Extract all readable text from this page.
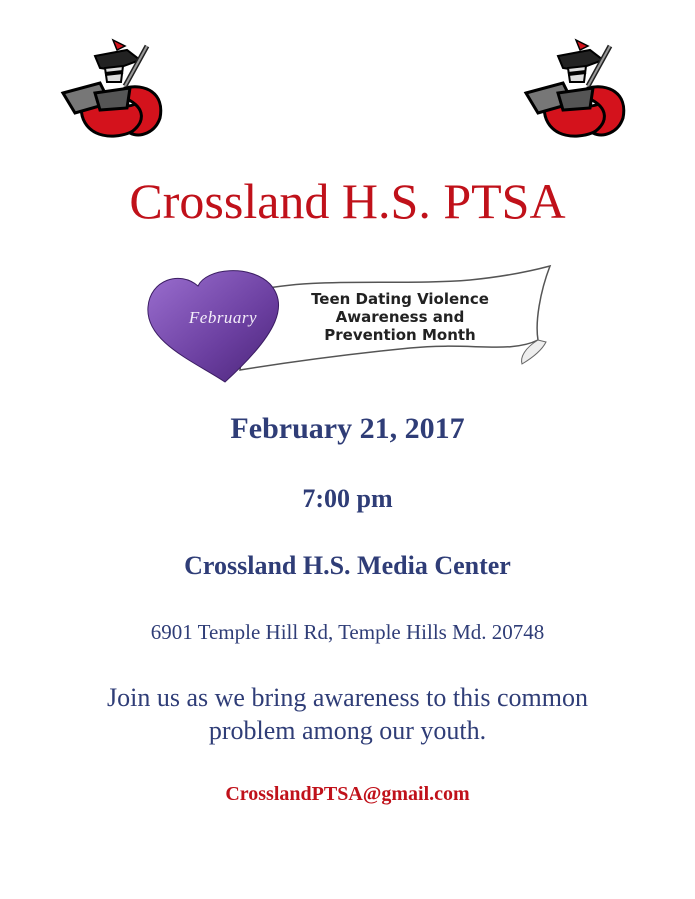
Crossland H.S. PTSA
February
Teen Dating Violence
Awareness and
Prevention Month
February 21, 2017
7:00 pm
Crossland H.S. Media Center
6901 Temple Hill Rd, Temple Hills Md. 20748
Join us as we bring awareness to this common
problem among our youth.
CrosslandPTSA@gmail.com
